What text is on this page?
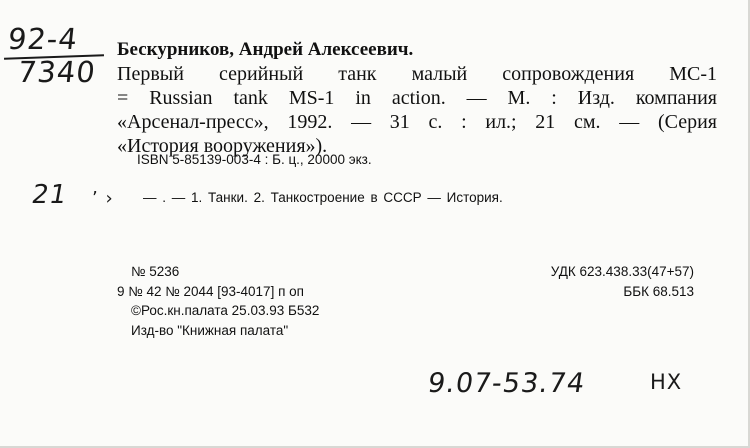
92-4
7340

Бескурников, Андрей Алексеевич.

Первый серийный танк малый сопровождения МС-1

= Russian tank MS-1 in action. — М. : Изд. компания

«Арсенал-пресс», 1992. — 31 с. : ил.; 21 см. — (Серия

«История вооружения»).

ISBN 5-85139-003-4 : Б. ц., 20000 экз.
21 ’ › — . — 1. Танки. 2. Танкостроение в СССР — История.
№ 5236
9 № 42 № 2044 [93-4017] п оп
©Рос.кн.палата 25.03.93 Б532
Изд-во "Книжная палата"
УДК 623.438.33(47+57)
ББК 68.513
9.07-53.74	HX
